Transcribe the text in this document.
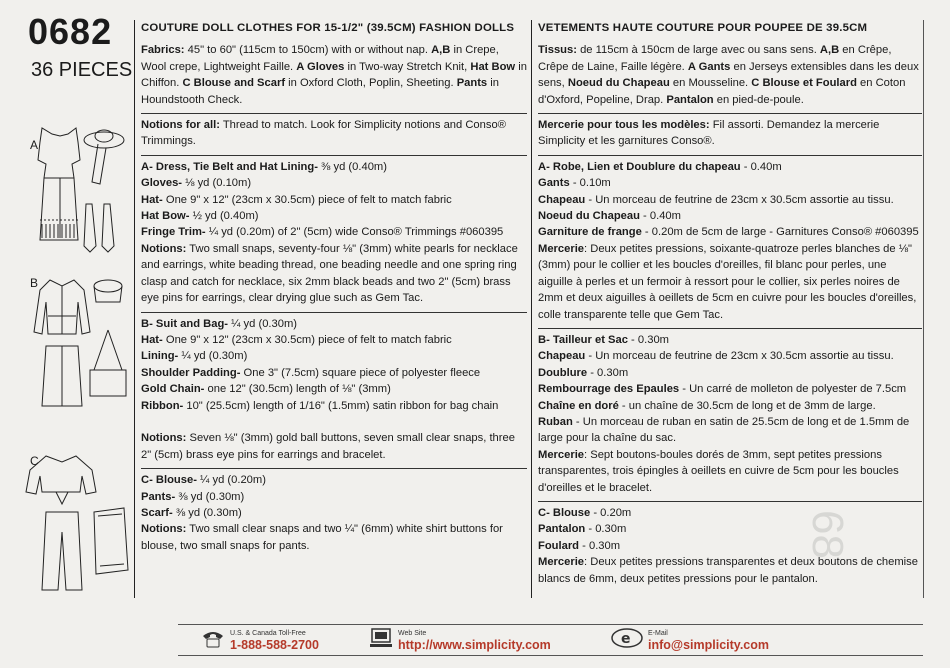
0682
36 PIECES
68
A
B
C
COUTURE DOLL CLOTHES FOR 15-1/2" (39.5CM) FASHION DOLLS

Fabrics: 45" to 60" (115cm to 150cm) with or without nap. A,B in Crepe, Wool crepe, Lightweight Faille. A Gloves in Two-way Stretch Knit, Hat Bow in Chiffon. C Blouse and Scarf in Oxford Cloth, Poplin, Sheeting. Pants in Houndstooth Check.

Notions for all: Thread to match. Look for Simplicity notions and Conso® Trimmings.

A- Dress, Tie Belt and Hat Lining- ⅜ yd (0.40m)

Gloves- ⅛ yd (0.10m)

Hat- One 9" x 12" (23cm x 30.5cm) piece of felt to match fabric

Hat Bow- ½ yd (0.40m)

Fringe Trim- ¼ yd (0.20m) of 2" (5cm) wide Conso® Trimmings #060395

Notions: Two small snaps, seventy-four ⅛" (3mm) white pearls for necklace and earrings, white beading thread, one beading needle and one spring ring clasp and catch for necklace, six 2mm black beads and two 2" (5cm) brass eye pins for earrings, clear drying glue such as Gem Tac.

B- Suit and Bag- ¼ yd (0.30m)

Hat- One 9" x 12" (23cm x 30.5cm) piece of felt to match fabric

Lining- ¼ yd (0.30m)

Shoulder Padding- One 3" (7.5cm) square piece of polyester fleece

Gold Chain- one 12" (30.5cm) length of ⅛" (3mm)

Ribbon- 10" (25.5cm) length of 1/16" (1.5mm) satin ribbon for bag chain

Notions: Seven ⅛" (3mm) gold ball buttons, seven small clear snaps, three 2" (5cm) brass eye pins for earrings and bracelet.

C- Blouse- ¼ yd (0.20m)

Pants- ⅜ yd (0.30m)

Scarf- ⅜ yd (0.30m)

Notions: Two small clear snaps and two ¼" (6mm) white shirt buttons for blouse, two small snaps for pants.

VETEMENTS HAUTE COUTURE POUR POUPEE DE 39.5CM

Tissus: de 115cm à 150cm de large avec ou sans sens. A,B en Crêpe, Crêpe de Laine, Faille légère. A Gants en Jerseys extensibles dans les deux sens, Noeud du Chapeau en Mousseline. C Blouse et Foulard en Coton d'Oxford, Popeline, Drap. Pantalon en pied-de-poule.

Mercerie pour tous les modèles: Fil assorti. Demandez la mercerie Simplicity et les garnitures Conso®.

A- Robe, Lien et Doublure du chapeau - 0.40m

Gants - 0.10m

Chapeau - Un morceau de feutrine de 23cm x 30.5cm assortie au tissu.

Noeud du Chapeau - 0.40m

Garniture de frange - 0.20m de 5cm de large - Garnitures Conso® #060395

Mercerie: Deux petites pressions, soixante-quatroze perles blanches de ⅛" (3mm) pour le collier et les boucles d'oreilles, fil blanc pour perles, une aiguille à perles et un fermoir à ressort pour le collier, six perles noires de 2mm et deux aiguilles à oeillets de 5cm en cuivre pour les boucles d'oreilles, colle transparente telle que Gem Tac.

B- Tailleur et Sac - 0.30m

Chapeau - Un morceau de feutrine de 23cm x 30.5cm assortie au tissu.

Doublure - 0.30m

Rembourrage des Epaules - Un carré de molleton de polyester de 7.5cm

Chaîne en doré - un chaîne de 30.5cm de long et de 3mm de large.

Ruban - Un morceau de ruban en satin de 25.5cm de long et de 1.5mm de large pour la chaîne du sac.

Mercerie: Sept boutons-boules dorés de 3mm, sept petites pressions transparentes, trois épingles à oeillets en cuivre de 5cm pour les boucles d'oreilles et le bracelet.

C- Blouse - 0.20m

Pantalon - 0.30m

Foulard - 0.30m

Mercerie: Deux petites pressions transparentes et deux boutons de chemise blancs de 6mm, deux petites pressions pour le pantalon.

U.S. & Canada Toll-Free
1-888-588-2700
Web Site
http://www.simplicity.com	e	E-Mail
info@simplicity.com
